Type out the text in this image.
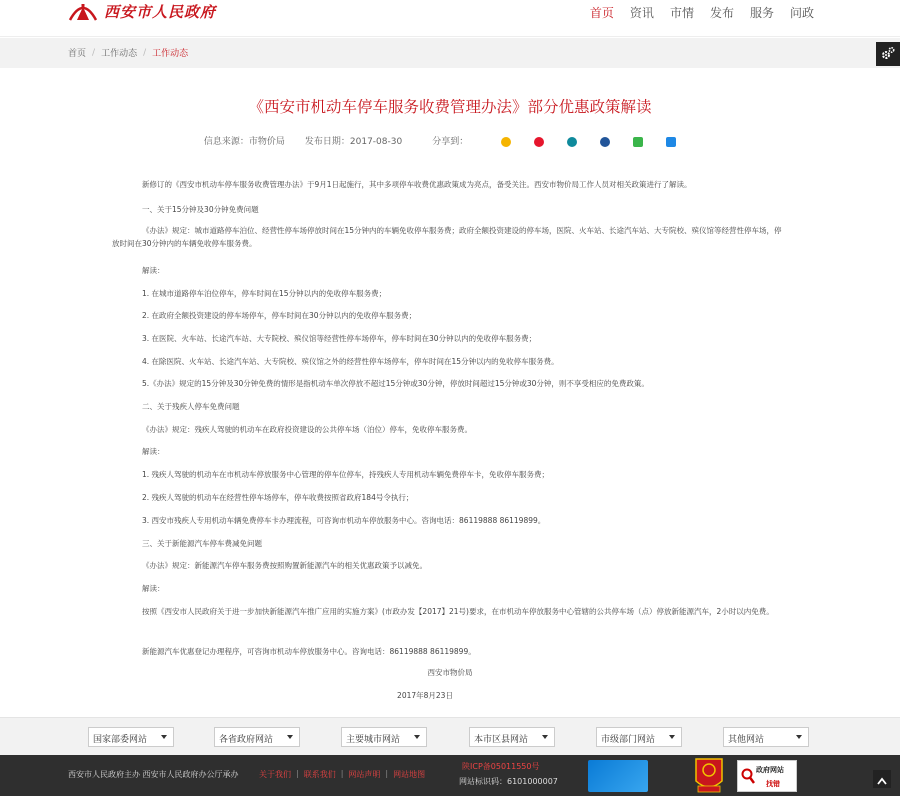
西安市人民政府	首页	资讯	市情	发布	服务	问政
首页 / 工作动态 / 工作动态
《西安市机动车停车服务收费管理办法》部分优惠政策解读
信息来源：市物价局 发布日期：2017-08-30	分享到：

新修订的《西安市机动车停车服务收费管理办法》于9月1日起施行，其中多项停车收费优惠政策成为亮点，备受关注。西安市物价局工作人员对相关政策进行了解读。

一、关于15分钟及30分钟免费问题

《办法》规定：城市道路停车泊位、经营性停车场停放时间在15分钟内的车辆免收停车服务费；政府全额投资建设的停车场，医院、火车站、长途汽车站、大专院校、殡仪馆等经营性停车场，停放时间在30分钟内的车辆免收停车服务费。

解读：

1. 在城市道路停车泊位停车，停车时间在15分钟以内的免收停车服务费；

2. 在政府全额投资建设的停车场停车，停车时间在30分钟以内的免收停车服务费；

3. 在医院、火车站、长途汽车站、大专院校、殡仪馆等经营性停车场停车，停车时间在30分钟以内的免收停车服务费；

4. 在除医院、火车站、长途汽车站、大专院校、殡仪馆之外的经营性停车场停车，停车时间在15分钟以内的免收停车服务费。

5.《办法》规定的15分钟及30分钟免费的情形是指机动车单次停放不超过15分钟或30分钟，停放时间超过15分钟或30分钟，则不享受相应的免费政策。

二、关于残疾人停车免费问题

《办法》规定：残疾人驾驶的机动车在政府投资建设的公共停车场（泊位）停车，免收停车服务费。

解读：

1. 残疾人驾驶的机动车在市机动车停放服务中心管理的停车位停车，持残疾人专用机动车辆免费停车卡，免收停车服务费；

2. 残疾人驾驶的机动车在经营性停车场停车，停车收费按照省政府184号令执行；

3. 西安市残疾人专用机动车辆免费停车卡办理流程，可咨询市机动车停放服务中心。咨询电话：86119888 86119899。

三、关于新能源汽车停车费减免问题

《办法》规定：新能源汽车停车服务费按照购置新能源汽车的相关优惠政策予以减免。

解读：

按照《西安市人民政府关于进一步加快新能源汽车推广应用的实施方案》(市政办发【2017】21号)要求，在市机动车停放服务中心管辖的公共停车场（点）停放新能源汽车，2小时以内免费。

新能源汽车优惠登记办理程序，可咨询市机动车停放服务中心。咨询电话：86119888 86119899。

西安市物价局

2017年8月23日

国家部委网站	各省政府网站	主要城市网站	本市区县网站	市级部门网站	其他网站
西安市人民政府主办 西安市人民政府办公厅承办	关于我们 | 联系我们 | 网站声明 | 网站地图
陕ICP备05011550号
网站标识码：6101000007
政府网站
找错
